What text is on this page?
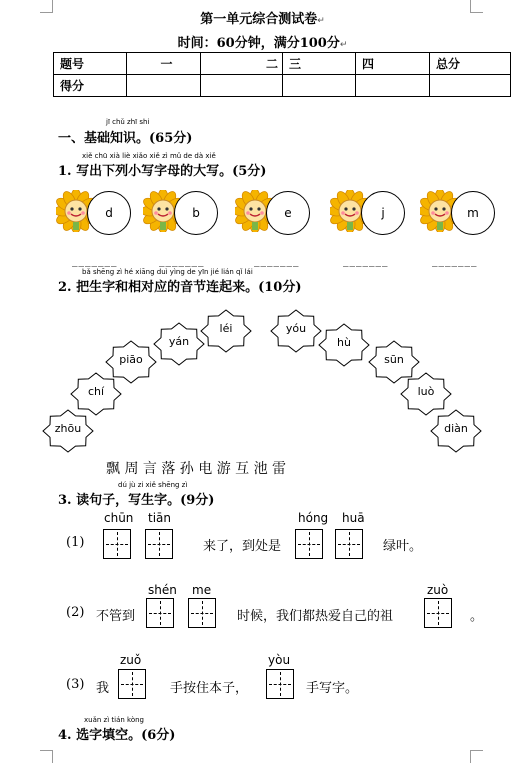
第一单元综合测试卷↵
时间：60分钟，满分100分↵
题号	一	二	三	四	总分
得分					
jī chǔ zhī shi
一、基础知识。(65分)
xiě chū xià liè xiǎo xiě zì mǔ de dà xiě
1. 写出下列小写字母的大写。(5分)
d	b	e	j	m
_______	_______	_______	_______	_______
bǎ shēng zì hé xiāng duì yìng de yīn jié lián qǐ lái
2. 把生字和相对应的音节连起来。(10分)
zhōu
chí
piāo
yán
léi	yóu
hù
sūn
luò
diàn
飘 周 言 落 孙 电 游 互 池 雷
dú jù zi xiě shēng zì
3. 读句子，写生字。(9分)
chūn tiān
(1)	来了，到处是
hóng huā
绿叶。
(2) 不管到
shén me
时候，我们都热爱自己的祖
zuò
。
(3) 我
zuǒ
手按住本子，
yòu
手写字。
xuǎn zì tián kòng
4. 选字填空。(6分)
